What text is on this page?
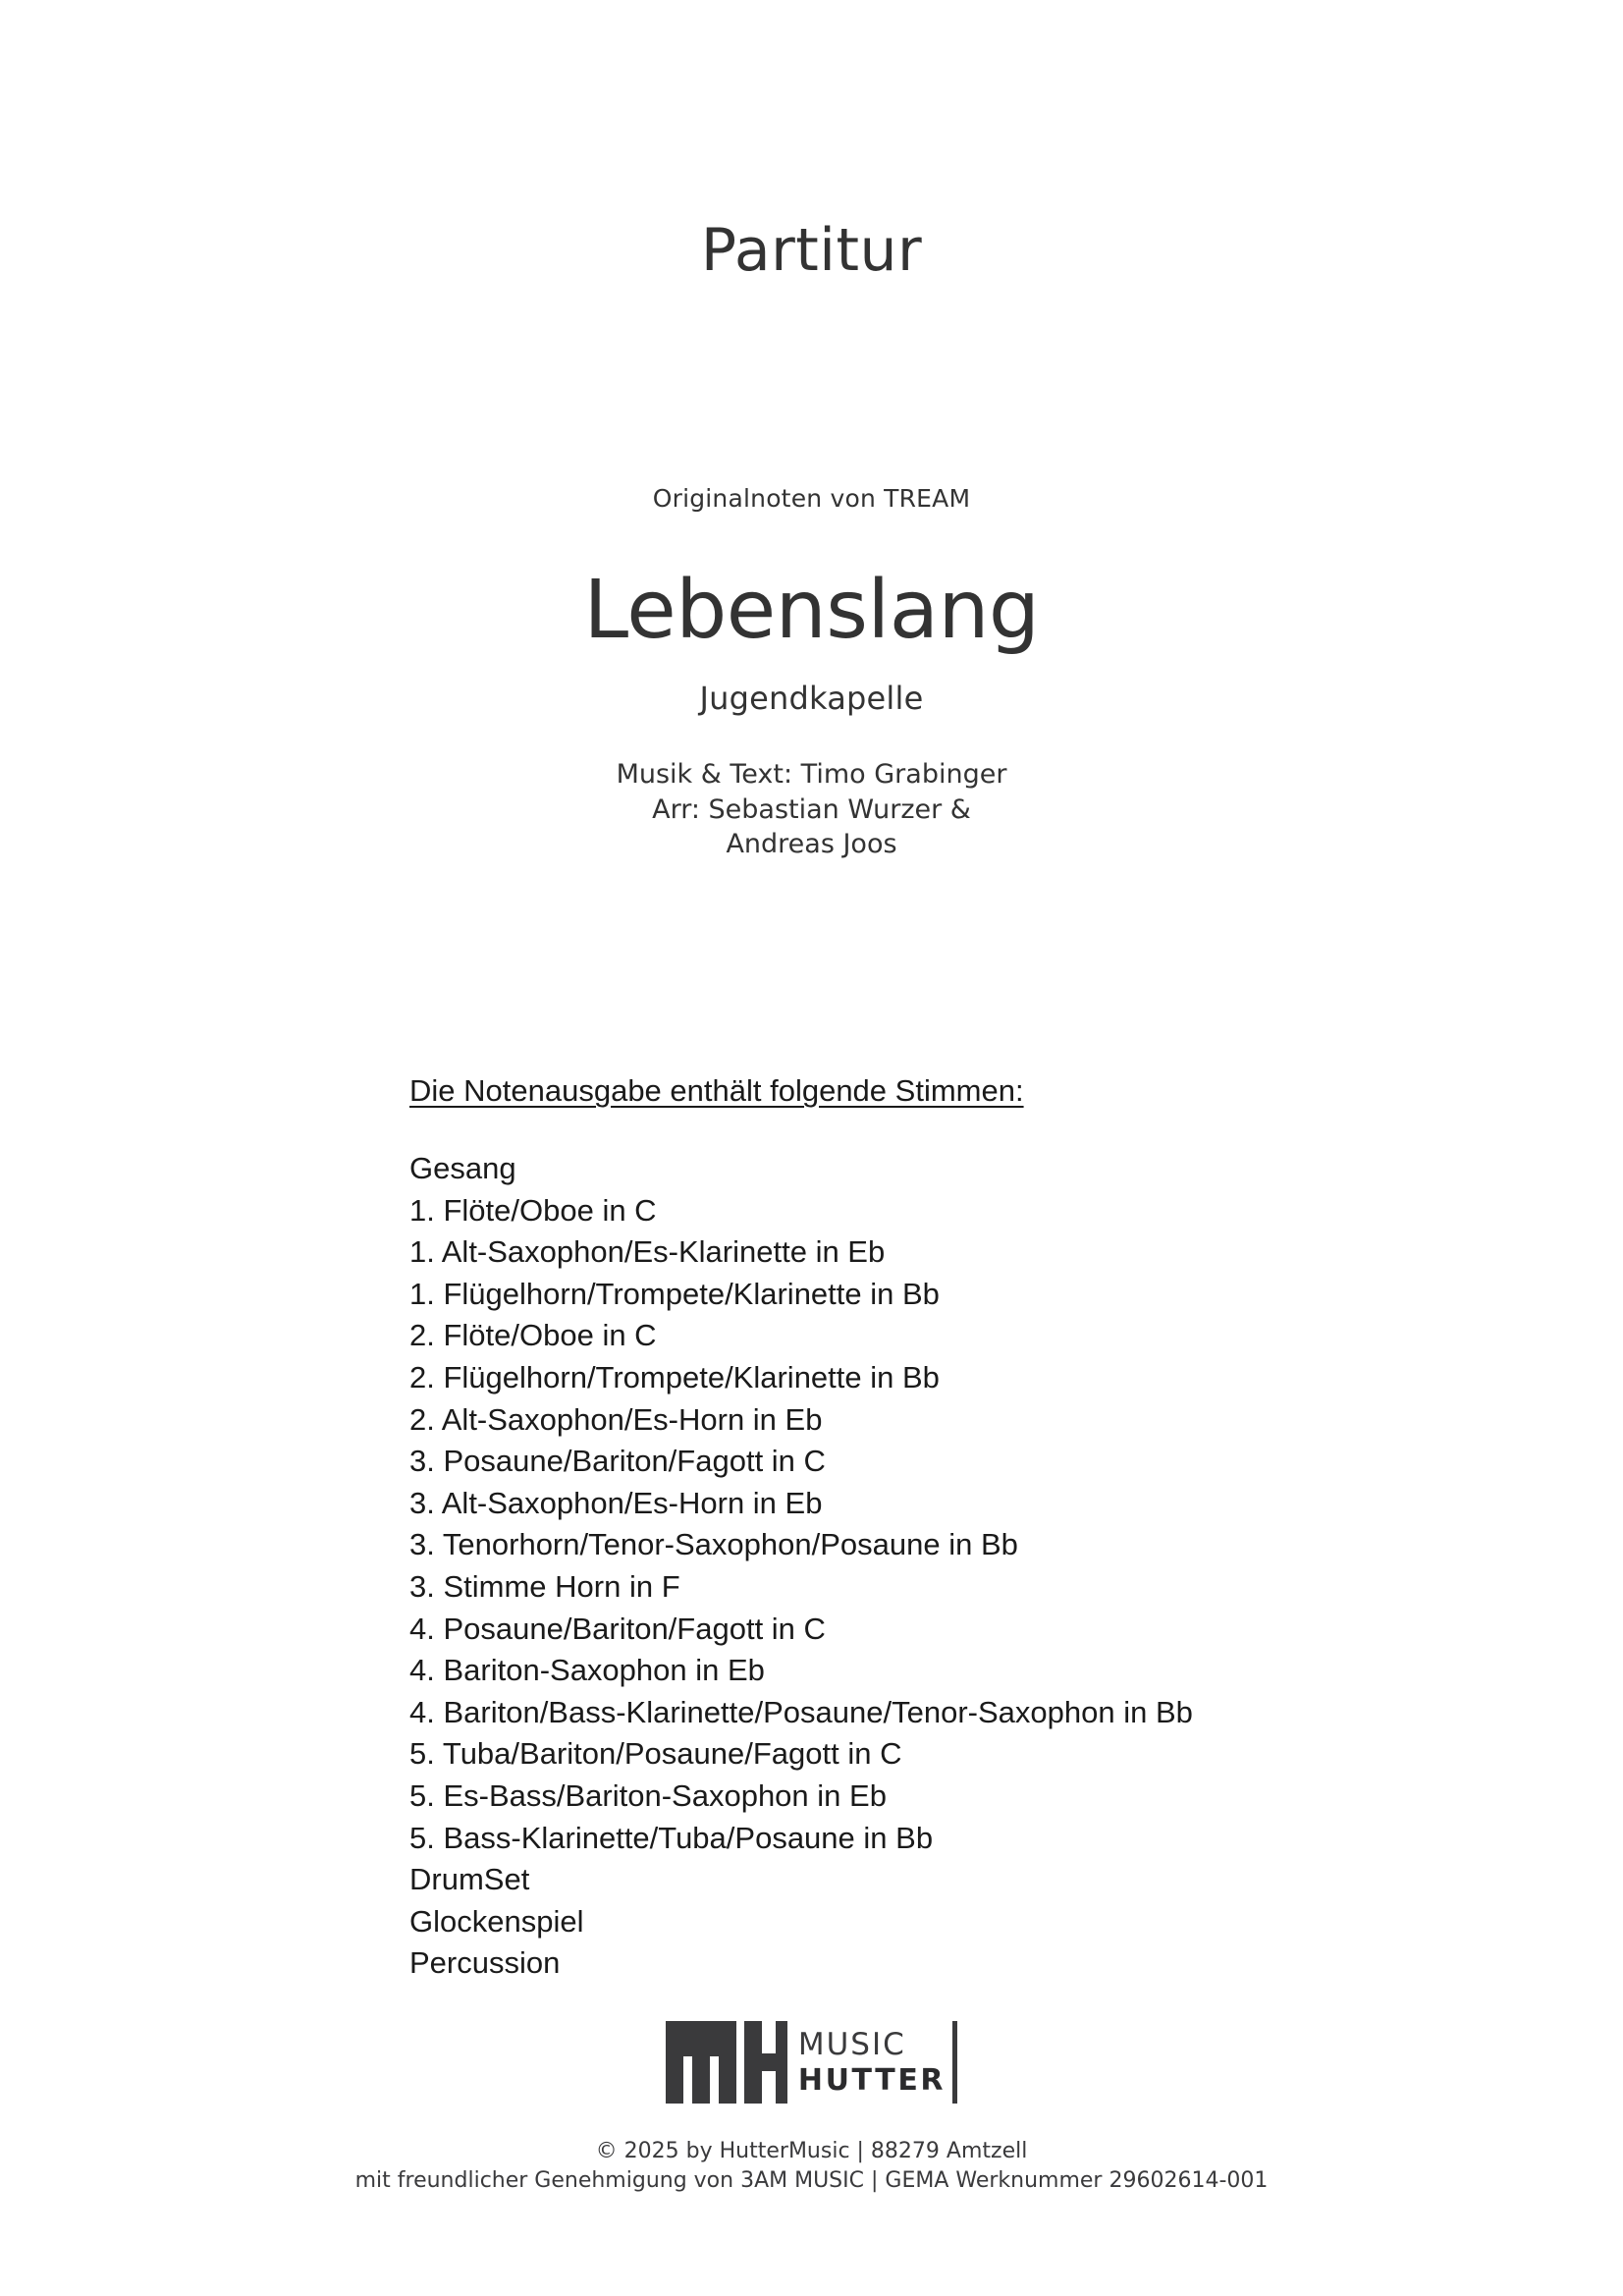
Partitur
Originalnoten von TREAM
Lebenslang
Jugendkapelle
Musik & Text: Timo Grabinger
Arr: Sebastian Wurzer &
Andreas Joos
Die Notenausgabe enthält folgende Stimmen:
Gesang
1. Flöte/Oboe in C
1. Alt-Saxophon/Es-Klarinette in Eb
1. Flügelhorn/Trompete/Klarinette in Bb
2. Flöte/Oboe in C
2. Flügelhorn/Trompete/Klarinette in Bb
2. Alt-Saxophon/Es-Horn in Eb
3. Posaune/Bariton/Fagott in C
3. Alt-Saxophon/Es-Horn in Eb
3. Tenorhorn/Tenor-Saxophon/Posaune in Bb
3. Stimme Horn in F
4. Posaune/Bariton/Fagott in C
4. Bariton-Saxophon in Eb
4. Bariton/Bass-Klarinette/Posaune/Tenor-Saxophon in Bb
5. Tuba/Bariton/Posaune/Fagott in C
5. Es-Bass/Bariton-Saxophon in Eb
5. Bass-Klarinette/Tuba/Posaune in Bb
DrumSet
Glockenspiel
Percussion
MUSIC
HUTTER
© 2025 by HutterMusic | 88279 Amtzell
mit freundlicher Genehmigung von 3AM MUSIC | GEMA Werknummer 29602614-001
